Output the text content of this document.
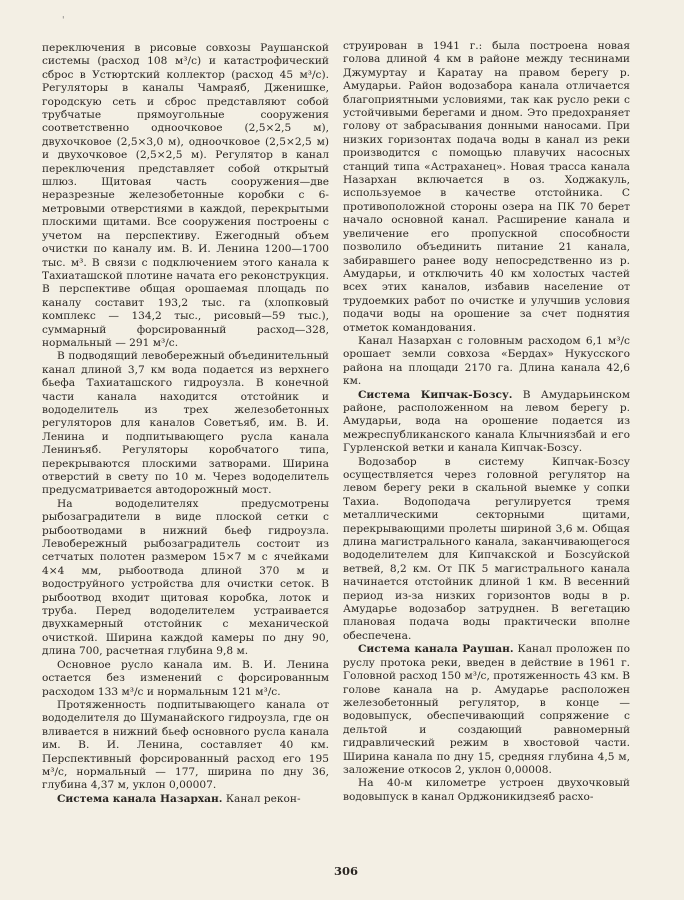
'

переключения в рисовые совхозы Раушанской системы (расход 108 м³/с) и катастрофический сброс в Устюртский коллектор (расход 45 м³/с). Регуляторы в каналы Чамраяб, Дженишке, городскую сеть и сброс представляют собой трубчатые прямоугольные сооружения соответственно одноочковое (2,5×2,5 м), двухочковое (2,5×3,0 м), одноочковое (2,5×2,5 м) и двухочковое (2,5×2,5 м). Регулятор в канал переключения представляет собой открытый шлюз. Щитовая часть сооружения—две неразрезные железобетонные коробки с 6-метровыми отверстиями в каждой, перекрытыми плоскими щитами. Все сооружения построены с учетом на перспективу. Ежегодный объем очистки по каналу им. В. И. Ленина 1200—1700 тыс. м³. В связи с подключением этого канала к Тахиаташской плотине начата его реконструкция. В перспективе общая орошаемая площадь по каналу составит 193,2 тыс. га (хлопковый комплекс — 134,2 тыс., рисовый—59 тыс.), суммарный форсированный расход—328, нормальный — 291 м³/с.

В подводящий левобережный объединительный канал длиной 3,7 км вода подается из верхнего бьефа Тахиаташского гидроузла. В конечной части канала находится отстойник и вододелитель из трех железобетонных регуляторов для каналов Советъяб, им. В. И. Ленина и подпитывающего русла канала Ленинъяб. Регуляторы коробчатого типа, перекрываются плоскими затворами. Ширина отверстий в свету по 10 м. Через вододелитель предусматривается автодорожный мост.

На вододелителях предусмотрены рыбозаградители в виде плоской сетки с рыбоотводами в нижний бьеф гидроузла. Левобережный рыбозаградитель состоит из сетчатых полотен размером 15×7 м с ячейками 4×4 мм, рыбоотвода длиной 370 м и водоструйного устройства для очистки сеток. В рыбоотвод входит щитовая коробка, лоток и труба. Перед вододелителем устраивается двухкамерный отстойник с механической очисткой. Ширина каждой камеры по дну 90, длина 700, расчетная глубина 9,8 м.

Основное русло канала им. В. И. Ленина остается без изменений с форсированным расходом 133 м³/с и нормальным 121 м³/с.

Протяженность подпитывающего канала от вододелителя до Шуманайского гидроузла, где он вливается в нижний бьеф основного русла канала им. В. И. Ленина, составляет 40 км. Перспективный форсированный расход его 195 м³/с, нормальный — 177, ширина по дну 36, глубина 4,37 м, уклон 0,00007.

Система канала Назархан. Канал рекон-

струирован в 1941 г.: была построена новая голова длиной 4 км в районе между теснинами Джумуртау и Каратау на правом берегу р. Амударьи. Район водозабора канала отличается благоприятными условиями, так как русло реки с устойчивыми берегами и дном. Это предохраняет голову от забрасывания донными наносами. При низких горизонтах подача воды в канал из реки производится с помощью плавучих насосных станций типа «Астраханец». Новая трасса канала Назархан включается в оз. Ходжакуль, используемое в качестве отстойника. С противоположной стороны озера на ПК 70 берет начало основной канал. Расширение канала и увеличение его пропускной способности позволило объединить питание 21 канала, забиравшего ранее воду непосредственно из р. Амударьи, и отключить 40 км холостых частей всех этих каналов, избавив население от трудоемких работ по очистке и улучшив условия подачи воды на орошение за счет поднятия отметок командования.

Канал Назархан с головным расходом 6,1 м³/с орошает земли совхоза «Бердах» Нукусского района на площади 2170 га. Длина канала 42,6 км.

Система Кипчак-Бозсу. В Амударьинском районе, расположенном на левом берегу р. Амударьи, вода на орошение подается из межреспубликанского канала Клычниязбай и его Гурленской ветки и канала Кипчак-Бозсу.

Водозабор в систему Кипчак-Бозсу осуществляется через головной регулятор на левом берегу реки в скальной выемке у сопки Тахиа. Водоподача регулируется тремя металлическими секторными щитами, перекрывающими пролеты шириной 3,6 м. Общая длина магистрального канала, заканчивающегося вододелителем для Кипчакской и Бозсуйской ветвей, 8,2 км. От ПК 5 магистрального канала начинается отстойник длиной 1 км. В весенний период из-за низких горизонтов воды в р. Амударье водозабор затруднен. В вегетацию плановая подача воды практически вполне обеспечена.

Система канала Раушан. Канал проложен по руслу протока реки, введен в действие в 1961 г. Головной расход 150 м³/с, протяженность 43 км. В голове канала на р. Амударье расположен железобетонный регулятор, в конце — водовыпуск, обеспечивающий сопряжение с дельтой и создающий равномерный гидравлический режим в хвостовой части. Ширина канала по дну 15, средняя глубина 4,5 м, заложение откосов 2, уклон 0,00008.

На 40-м километре устроен двухочковый водовыпуск в канал Орджоникидзеяб расхо-

306
